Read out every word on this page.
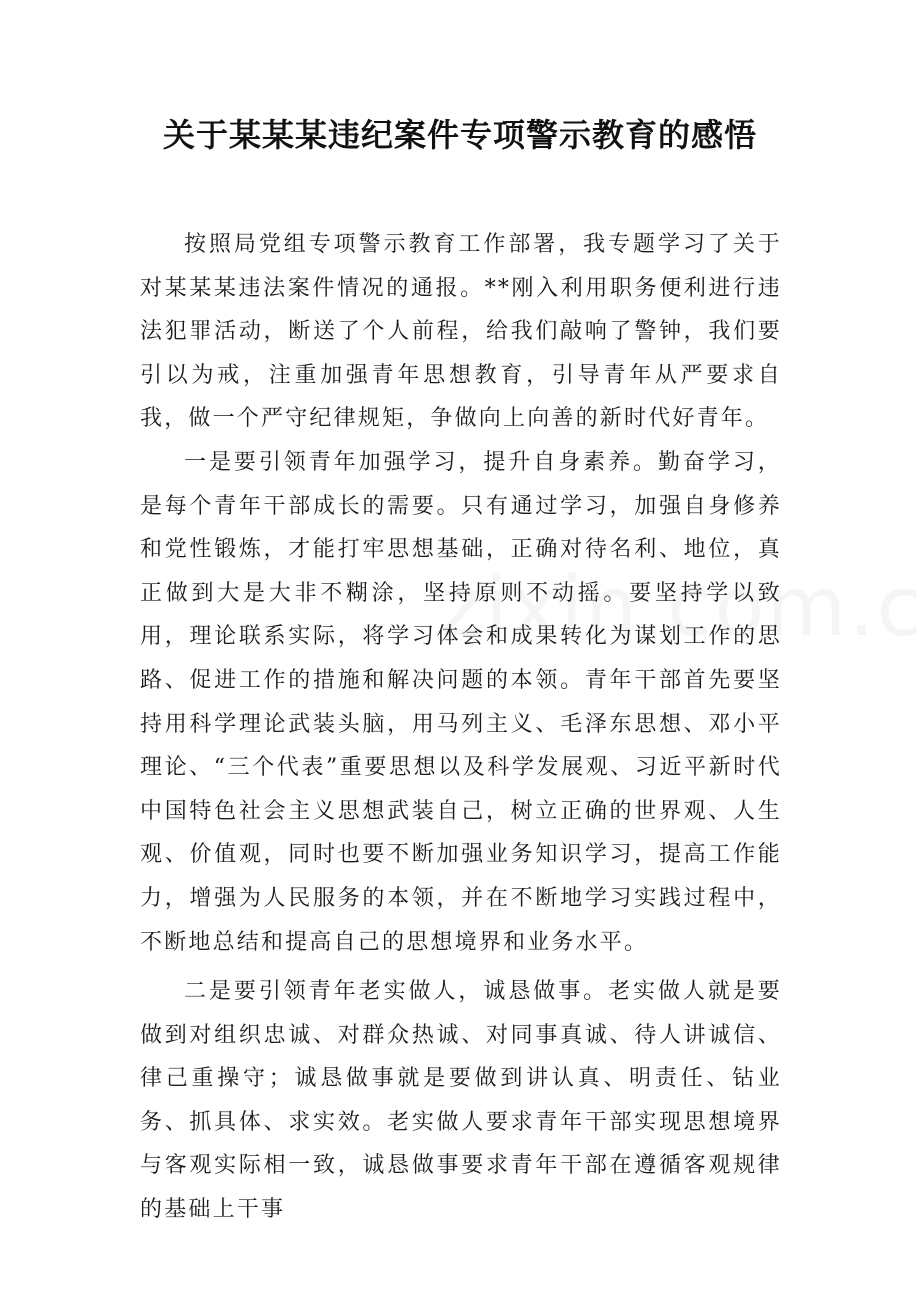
关于某某某违纪案件专项警示教育的感悟

按照局党组专项警示教育工作部署，我专题学习了关于对某某某违法案件情况的通报。**刚入利用职务便利进行违法犯罪活动，断送了个人前程，给我们敲响了警钟，我们要引以为戒，注重加强青年思想教育，引导青年从严要求自我，做一个严守纪律规矩，争做向上向善的新时代好青年。

一是要引领青年加强学习，提升自身素养。勤奋学习，是每个青年干部成长的需要。只有通过学习，加强自身修养和党性锻炼，才能打牢思想基础，正确对待名利、地位，真正做到大是大非不糊涂，坚持原则不动摇。要坚持学以致用，理论联系实际，将学习体会和成果转化为谋划工作的思路、促进工作的措施和解决问题的本领。青年干部首先要坚持用科学理论武装头脑，用马列主义、毛泽东思想、邓小平理论、“三个代表”重要思想以及科学发展观、习近平新时代中国特色社会主义思想武装自己，树立正确的世界观、人生观、价值观，同时也要不断加强业务知识学习，提高工作能力，增强为人民服务的本领，并在不断地学习实践过程中，不断地总结和提高自己的思想境界和业务水平。

二是要引领青年老实做人，诚恳做事。老实做人就是要做到对组织忠诚、对群众热诚、对同事真诚、待人讲诚信、律己重操守；诚恳做事就是要做到讲认真、明责任、钻业务、抓具体、求实效。老实做人要求青年干部实现思想境界与客观实际相一致，诚恳做事要求青年干部在遵循客观规律的基础上干事
